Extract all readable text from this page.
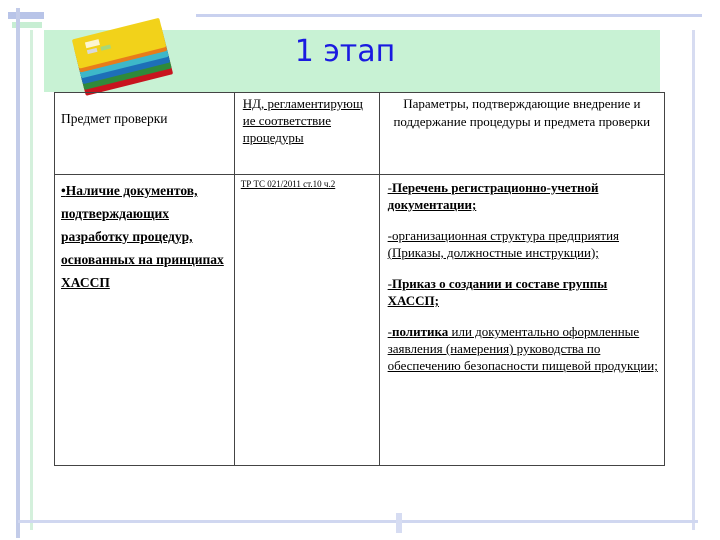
1 этап
Предмет проверки	НД, регламентирующ ие соответствие процедуры	Параметры, подтверждающие внедрение и поддержание процедуры и предмета проверки
•Наличие документов, подтверждающих разработку процедур, основанных на принципах ХАССП	ТР ТС 021/2011 ст.10 ч.2	-Перечень регистрационно-учетной документации;

-организационная структура предприятия (Приказы, должностные инструкции);

-Приказ о создании и составе группы ХАССП;

-политика или документально оформленные заявления (намерения) руководства по обеспечению безопасности пищевой продукции;
